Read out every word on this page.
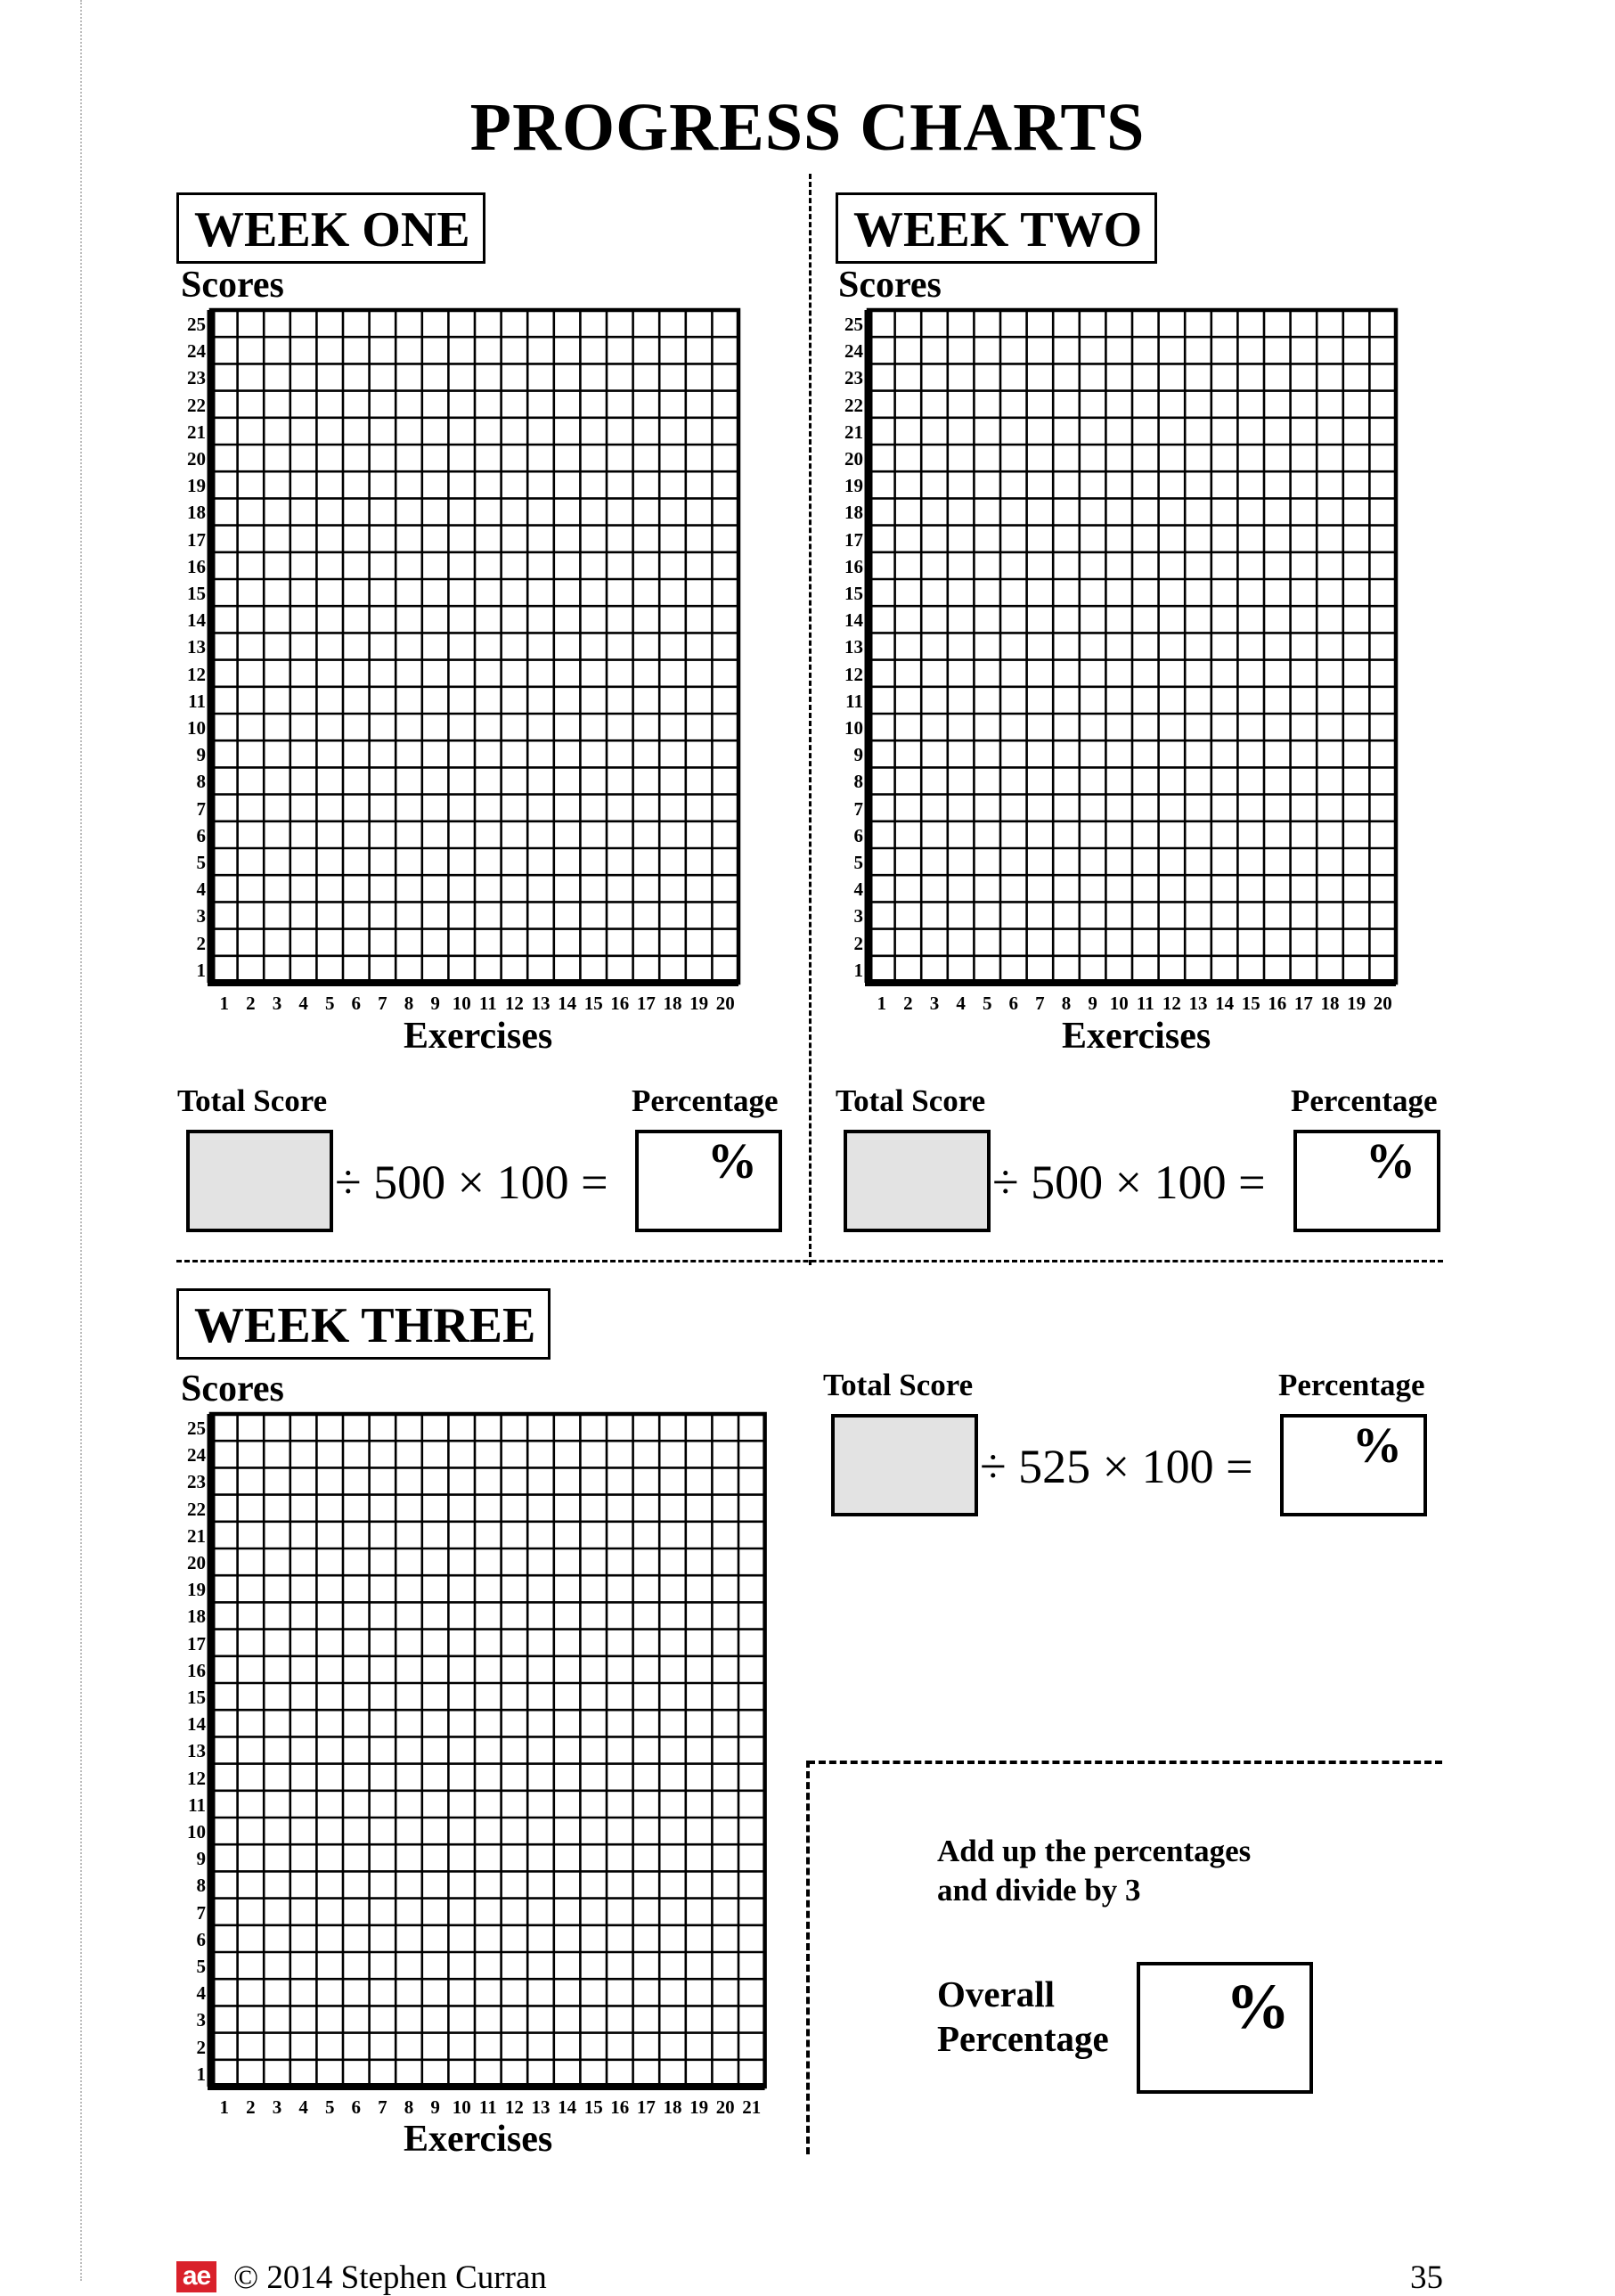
PROGRESS CHARTS
WEEK ONE
Scores
1 2 3 4 5 6 7 8 9 10 11 12 13 14 15 16 17 18 19 20
1
2
3
4
5
6
7
8
9
10
11
12
13
14
15
16
17
18
19
20
21
22
23
24
25
Exercises
Total Score	Percentage
÷ 500 × 100 = %
WEEK TWO
Scores
1 2 3 4 5 6 7 8 9 10 11 12 13 14 15 16 17 18 19 20
1
2
3
4
5
6
7
8
9
10
11
12
13
14
15
16
17
18
19
20
21
22
23
24
25
Exercises
Total Score	Percentage
÷ 500 × 100 = %
WEEK THREE
Scores
1 2 3 4 5 6 7 8 9 10 11 12 13 14 15 16 17 18 19 20 21
1
2
3
4
5
6
7
8
9
10
11
12
13
14
15
16
17
18
19
20
21
22
23
24
25
Exercises
Total Score	Percentage
÷ 525 × 100 = %
Add up the percentages
and divide by 3
Overall
Percentage %
ae © 2014 Stephen Curran	35
